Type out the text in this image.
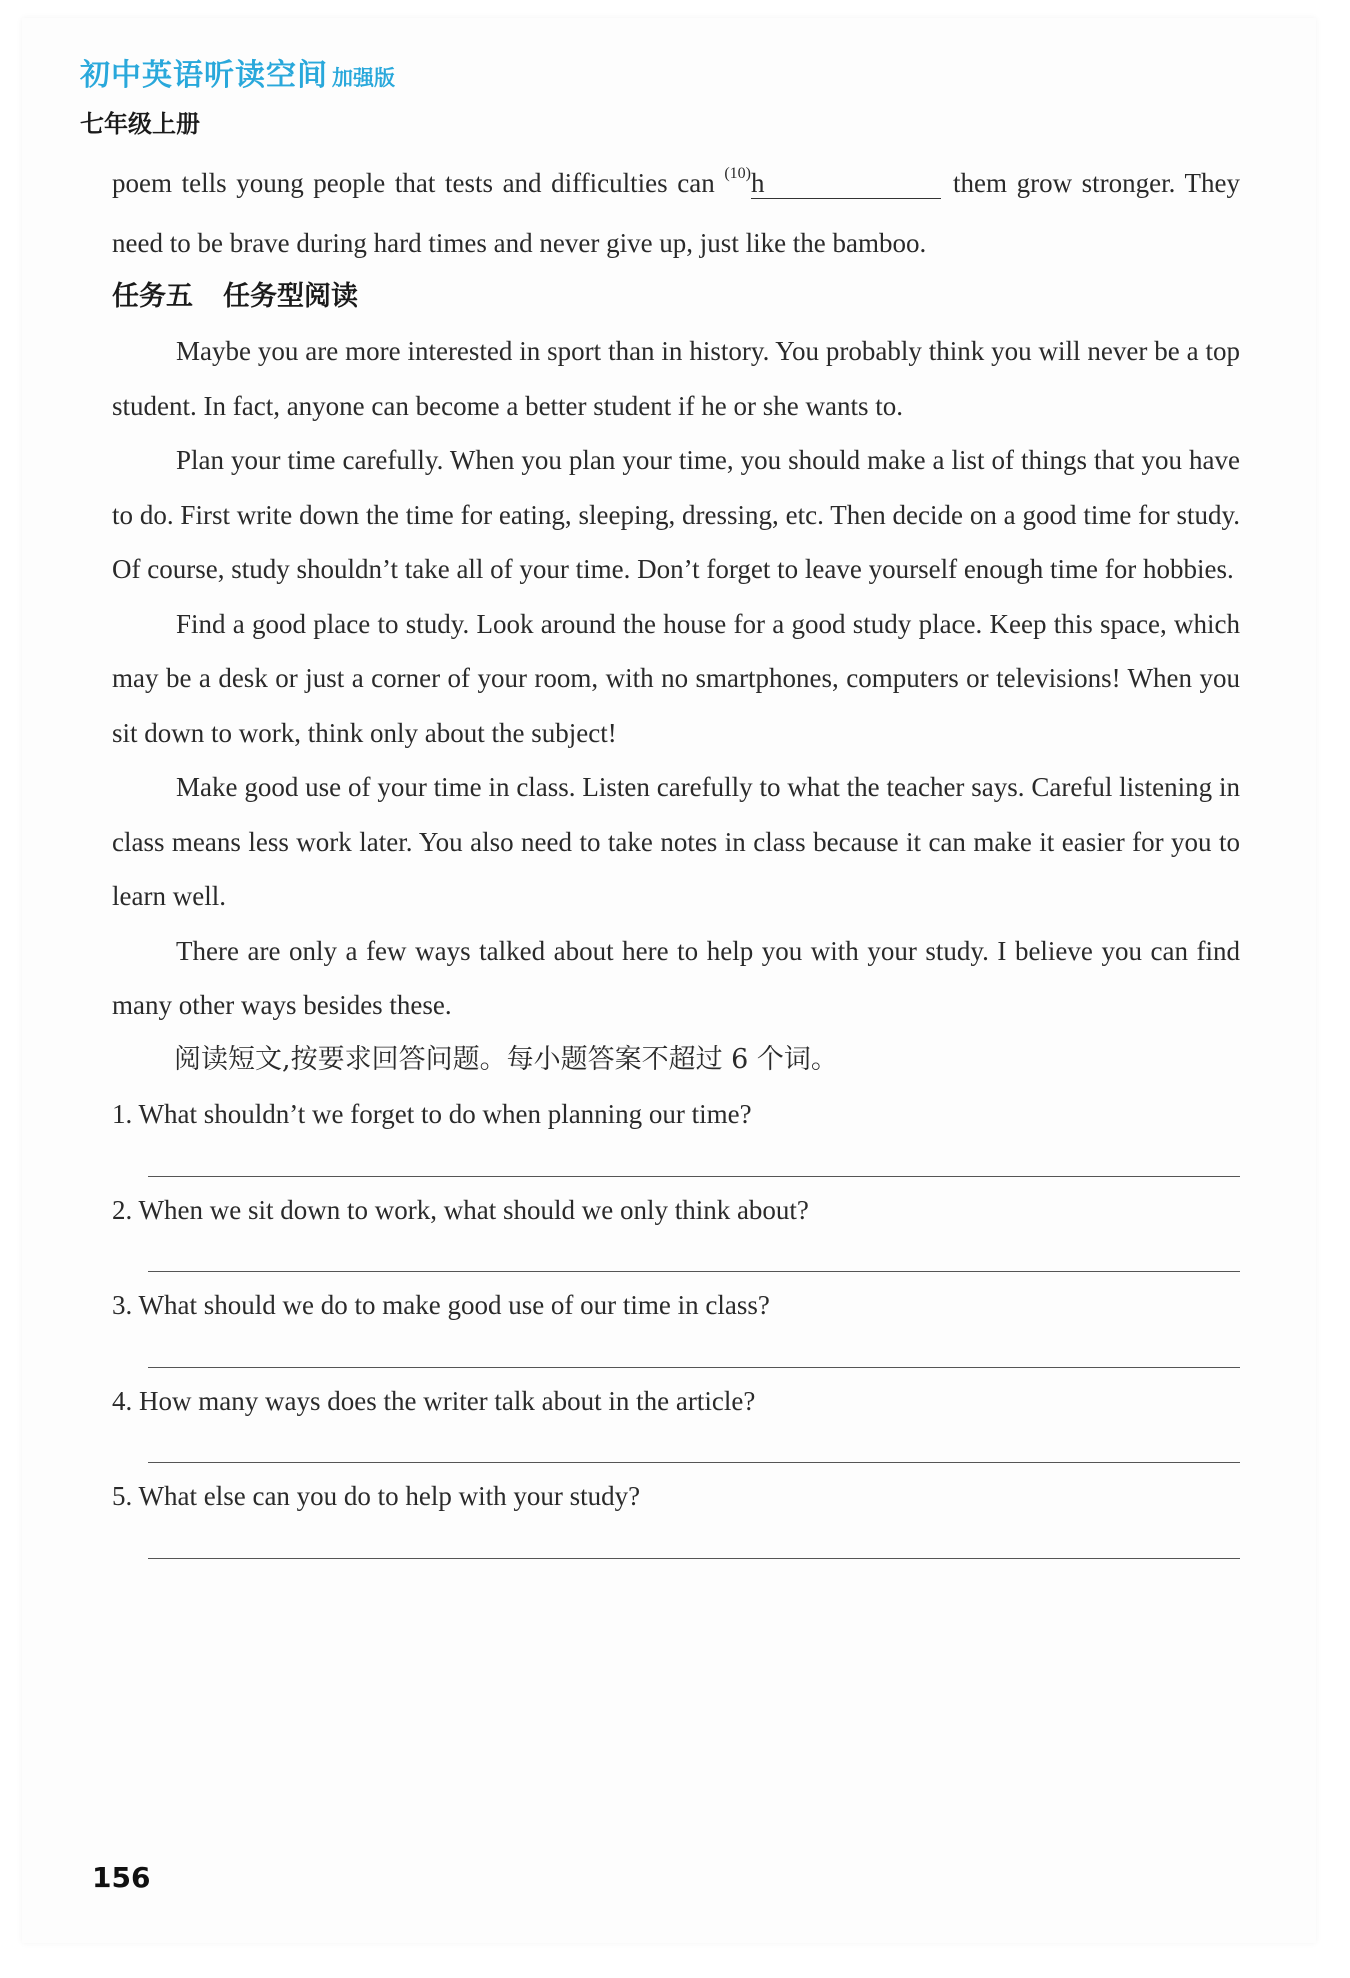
初中英语听读空间 加强版
七年级上册

poem tells young people that tests and difficulties can $^{(10)}$h	them grow stronger. They need to be brave during hard times and never give up, just like the bamboo.

任务五 任务型阅读

Maybe you are more interested in sport than in history. You probably think you will never be a top student. In fact, anyone can become a better student if he or she wants to.

Plan your time carefully. When you plan your time, you should make a list of things that you have to do. First write down the time for eating, sleeping, dressing, etc. Then decide on a good time for study. Of course, study shouldn’t take all of your time. Don’t forget to leave yourself enough time for hobbies.

Find a good place to study. Look around the house for a good study place. Keep this space, which may be a desk or just a corner of your room, with no smartphones, computers or televisions! When you sit down to work, think only about the subject!

Make good use of your time in class. Listen carefully to what the teacher says. Careful listening in class means less work later. You also need to take notes in class because it can make it easier for you to learn well.

There are only a few ways talked about here to help you with your study. I believe you can find many other ways besides these.

阅读短文,按要求回答问题。每小题答案不超过 6 个词。

1. What shouldn’t we forget to do when planning our time?

2. When we sit down to work, what should we only think about?

3. What should we do to make good use of our time in class?

4. How many ways does the writer talk about in the article?

5. What else can you do to help with your study?

156
